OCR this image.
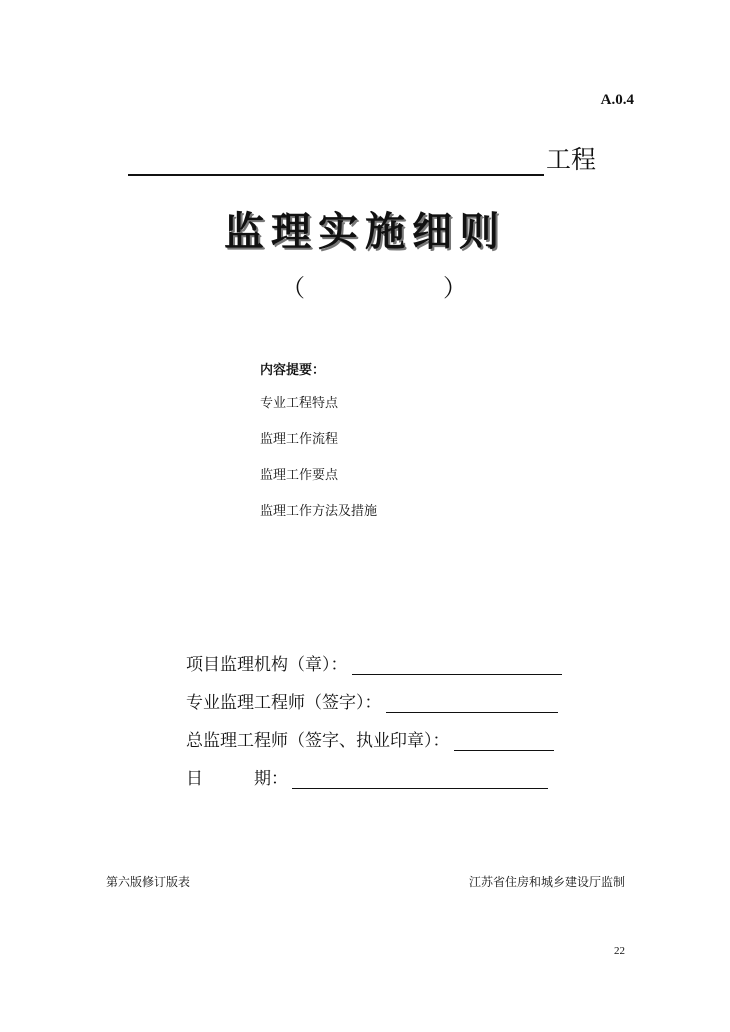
A.0.4
工程
监理实施细则
（	）
内容提要：
专业工程特点
监理工作流程
监理工作要点
监理工作方法及措施
项目监理机构（章）：
专业监理工程师（签字）：
总监理工程师（签字、执业印章）：
日　　　期：
第六版修订版表	江苏省住房和城乡建设厅监制
22
